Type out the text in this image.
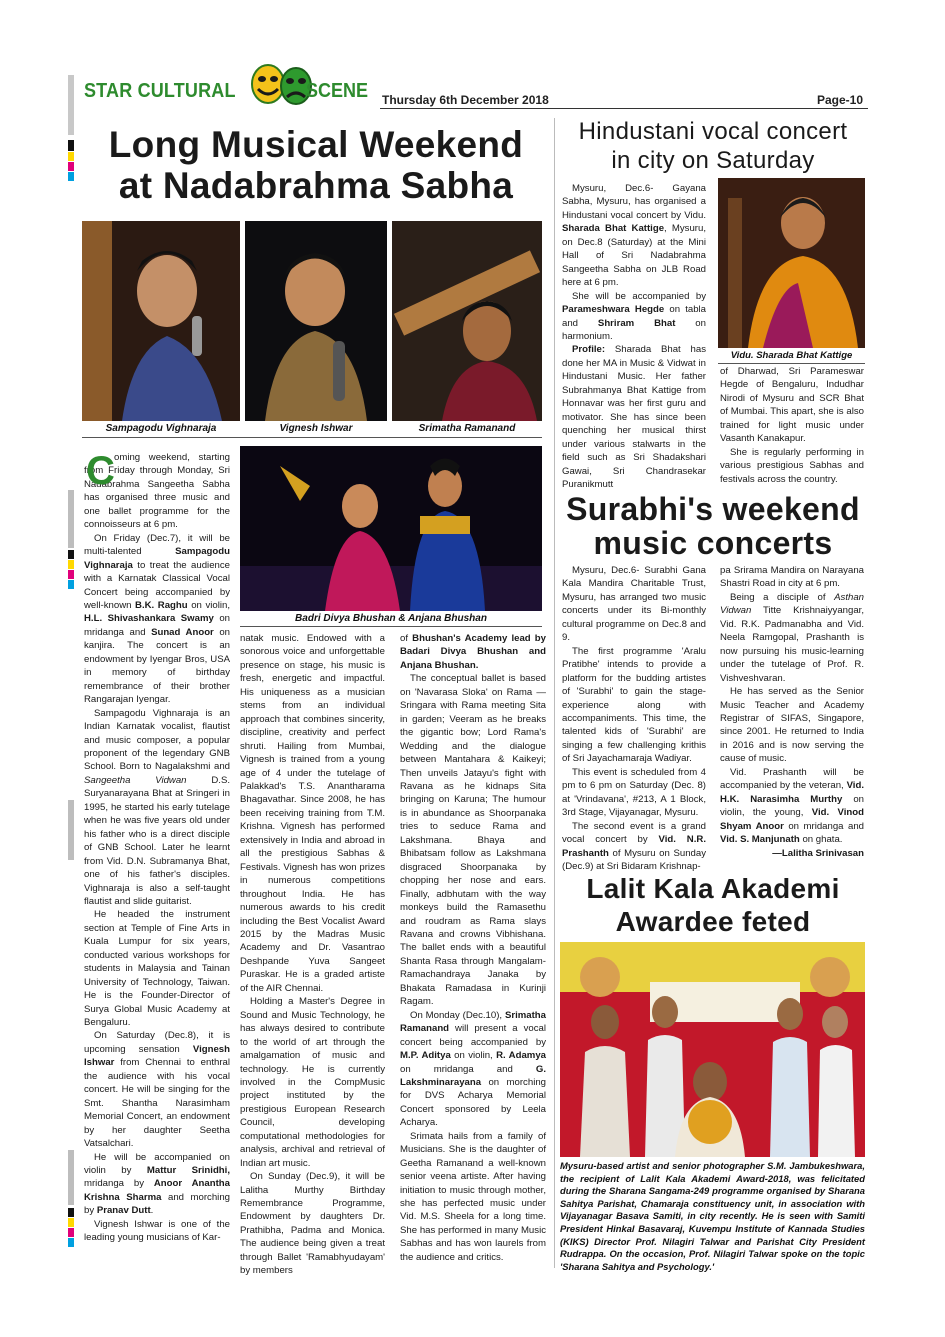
STAR CULTURAL	SCENE Thursday 6th December 2018	Page-10
Long Musical Weekend
at Nadabrahma Sabha
Sampagodu Vighnaraja	Vignesh Ishwar	Srimatha Ramanand
Badri Divya Bhushan & Anjana Bhushan
C oming weekend, starting from Friday through Monday, Sri Nadabrahma Sangeetha Sabha has organised three music and one ballet programme for the connoisseurs at 6 pm.

On Friday (Dec.7), it will be multi-talented Sampagodu Vighnaraja to treat the audience with a Karnatak Classical Vocal Concert being accompanied by well-known B.K. Raghu on violin, H.L. Shivashankara Swamy on mridanga and Sunad Anoor on kanjira. The concert is an endowment by Iyengar Bros, USA in memory of birthday remembrance of their brother Rangarajan Iyengar.

Sampagodu Vighnaraja is an Indian Karnatak vocalist, flautist and music composer, a popular proponent of the legendary GNB School. Born to Nagalakshmi and Sangeetha Vidwan D.S. Suryanarayana Bhat at Sringeri in 1995, he started his early tutelage when he was five years old under his father who is a direct disciple of GNB School. Later he learnt from Vid. D.N. Subramanya Bhat, one of his father's disciples. Vighnaraja is also a self-taught flautist and slide guitarist.

He headed the instrument section at Temple of Fine Arts in Kuala Lumpur for six years, conducted various workshops for students in Malaysia and Tainan University of Technology, Taiwan. He is the Founder-Director of Surya Global Music Academy at Bengaluru.

On Saturday (Dec.8), it is upcoming sensation Vignesh Ishwar from Chennai to enthral the audience with his vocal concert. He will be singing for the Smt. Shantha Narasimham Memorial Concert, an endowment by her daughter Seetha Vatsalchari.

He will be accompanied on violin by Mattur Srinidhi, mridanga by Anoor Anantha Krishna Sharma and morching by Pranav Dutt.

Vignesh Ishwar is one of the leading young musicians of Kar-

natak music. Endowed with a sonorous voice and unforgettable presence on stage, his music is fresh, energetic and impactful. His uniqueness as a musician stems from an individual approach that combines sincerity, discipline, creativity and perfect shruti. Hailing from Mumbai, Vignesh is trained from a young age of 4 under the tutelage of Palakkad's T.S. Anantharama Bhagavathar. Since 2008, he has been receiving training from T.M. Krishna. Vignesh has performed extensively in India and abroad in all the prestigious Sabhas & Festivals. Vignesh has won prizes in numerous competitions throughout India. He has numerous awards to his credit including the Best Vocalist Award 2015 by the Madras Music Academy and Dr. Vasantrao Deshpande Yuva Sangeet Puraskar. He is a graded artiste of the AIR Chennai.

Holding a Master's Degree in Sound and Music Technology, he has always desired to contribute to the world of art through the amalgamation of music and technology. He is currently involved in the CompMusic project instituted by the prestigious European Research Council, developing computational methodologies for analysis, archival and retrieval of Indian art music.

On Sunday (Dec.9), it will be Lalitha Murthy Birthday Remembrance Programme, Endowment by daughters Dr. Prathibha, Padma and Monica. The audience being given a treat through Ballet 'Ramabhyudayam' by members

of Bhushan's Academy lead by Badari Divya Bhushan and Anjana Bhushan.

The conceptual ballet is based on 'Navarasa Sloka' on Rama — Sringara with Rama meeting Sita in garden; Veeram as he breaks the gigantic bow; Lord Rama's Wedding and the dialogue between Mantahara & Kaikeyi; Then unveils Jatayu's fight with Ravana as he kidnaps Sita bringing on Karuna; The humour is in abundance as Shoorpanaka tries to seduce Rama and Lakshmana. Bhaya and Bhibatsam follow as Lakshmana disgraced Shoorpanaka by chopping her nose and ears. Finally, adbhutam with the way monkeys build the Ramasethu and roudram as Rama slays Ravana and crowns Vibhishana. The ballet ends with a beautiful Shanta Rasa through Mangalam-Ramachandraya Janaka by Bhakata Ramadasa in Kurinji Ragam.

On Monday (Dec.10), Srimatha Ramanand will present a vocal concert being accompanied by M.P. Aditya on violin, R. Adamya on mridanga and G. Lakshminarayana on morching for DVS Acharya Memorial Concert sponsored by Leela Acharya.

Srimata hails from a family of Musicians. She is the daughter of Geetha Ramanand a well-known senior veena artiste. After having initiation to music through mother, she has perfected music under Vid. M.S. Sheela for a long time. She has performed in many Music Sabhas and has won laurels from the audience and critics.

Hindustani vocal concert
in city on Saturday

Mysuru, Dec.6- Gayana Sabha, Mysuru, has organised a Hindustani vocal concert by Vidu. Sharada Bhat Kattige, Mysuru, on Dec.8 (Saturday) at the Mini Hall of Sri Nadabrahma Sangeetha Sabha on JLB Road here at 6 pm.

She will be accompanied by Parameshwara Hegde on tabla and Shriram Bhat on harmonium.

Profile: Sharada Bhat has done her MA in Music & Vidwat in Hindustani Music. Her father Subrahmanya Bhat Kattige from Honnavar was her first guru and motivator. She has since been quenching her musical thirst under various stalwarts in the field such as Sri Shadakshari Gawai, Sri Chandrasekar Puranikmutt

Vidu. Sharada Bhat Kattige

of Dharwad, Sri Parameswar Hegde of Bengaluru, Indudhar Nirodi of Mysuru and SCR Bhat of Mumbai. This apart, she is also trained for light music under Vasanth Kanakapur.

She is regularly performing in various prestigious Sabhas and festivals across the country.

Surabhi's weekend
music concerts

Mysuru, Dec.6- Surabhi Gana Kala Mandira Charitable Trust, Mysuru, has arranged two music concerts under its Bi-monthly cultural programme on Dec.8 and 9.

The first programme 'Aralu Pratibhe' intends to provide a platform for the budding artistes of 'Surabhi' to gain the stage-experience along with accompaniments. This time, the talented kids of 'Surabhi' are singing a few challenging krithis of Sri Jayachamaraja Wadiyar.

This event is scheduled from 4 pm to 6 pm on Saturday (Dec. 8) at 'Vrindavana', #213, A 1 Block, 3rd Stage, Vijayanagar, Mysuru.

The second event is a grand vocal concert by Vid. N.R. Prashanth of Mysuru on Sunday (Dec.9) at Sri Bidaram Krishnap-

pa Srirama Mandira on Narayana Shastri Road in city at 6 pm.

Being a disciple of Asthan Vidwan Titte Krishnaiyyangar, Vid. R.K. Padmanabha and Vid. Neela Ramgopal, Prashanth is now pursuing his music-learning under the tutelage of Prof. R. Vishveshvaran.

He has served as the Senior Music Teacher and Academy Registrar of SIFAS, Singapore, since 2001. He returned to India in 2016 and is now serving the cause of music.

Vid. Prashanth will be accompanied by the veteran, Vid. H.K. Narasimha Murthy on violin, the young, Vid. Vinod Shyam Anoor on mridanga and Vid. S. Manjunath on ghata.

—Lalitha Srinivasan

Lalit Kala Akademi
Awardee feted
Mysuru-based artist and senior photographer S.M. Jambukeshwara, the recipient of Lalit Kala Akademi Award-2018, was felicitated during the Sharana Sangama-249 programme organised by Sharana Sahitya Parishat, Chamaraja constituency unit, in association with Vijayanagar Basava Samiti, in city recently. He is seen with Samiti President Hinkal Basavaraj, Kuvempu Institute of Kannada Studies (KIKS) Director Prof. Nilagiri Talwar and Parishat City President Rudrappa. On the occasion, Prof. Nilagiri Talwar spoke on the topic 'Sharana Sahitya and Psychology.'
